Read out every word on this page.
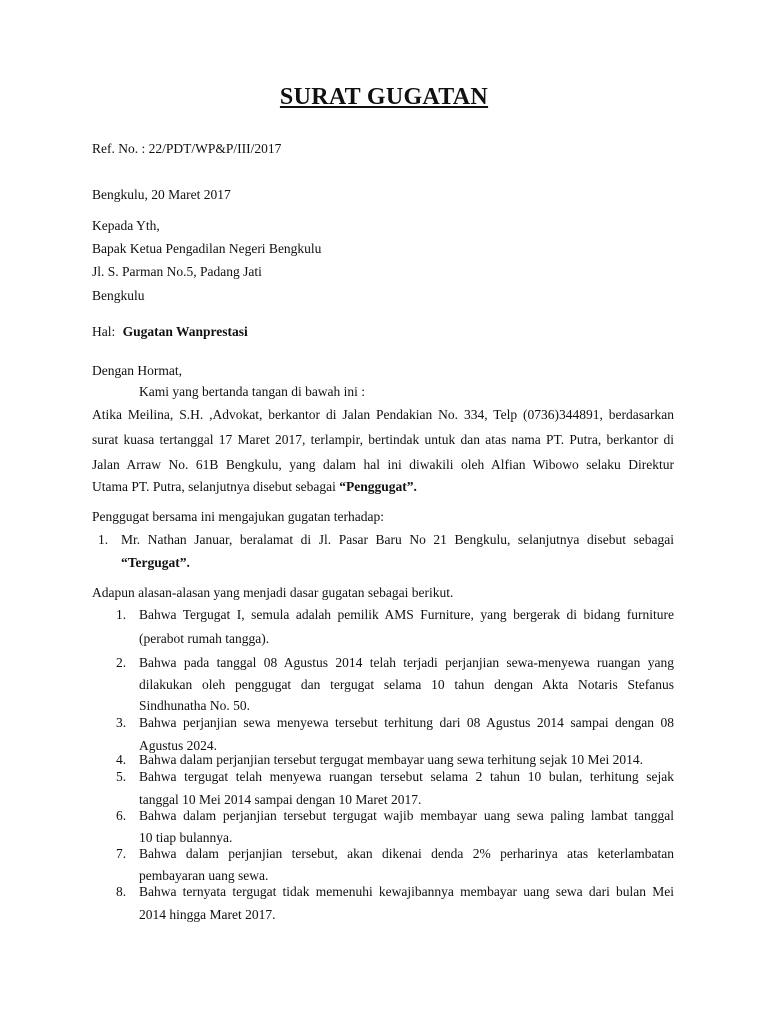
SURAT GUGATAN
Ref. No. : 22/PDT/WP&P/III/2017
Bengkulu, 20 Maret 2017
Kepada Yth,
Bapak Ketua Pengadilan Negeri Bengkulu
Jl. S. Parman No.5, Padang Jati
Bengkulu
Hal: Gugatan Wanprestasi
Dengan Hormat,
Kami yang bertanda tangan di bawah ini :
Atika Meilina, S.H. ,Advokat, berkantor di Jalan Pendakian No. 334, Telp (0736)344891, berdasarkan
surat kuasa tertanggal 17 Maret 2017, terlampir, bertindak untuk dan atas nama PT. Putra, berkantor di
Jalan Arraw No. 61B Bengkulu, yang dalam hal ini diwakili oleh Alfian Wibowo selaku Direktur
Utama PT. Putra, selanjutnya disebut sebagai “Penggugat”.
Penggugat bersama ini mengajukan gugatan terhadap:
1. Mr. Nathan Januar, beralamat di Jl. Pasar Baru No 21 Bengkulu, selanjutnya disebut sebagai
“Tergugat”.
Adapun alasan-alasan yang menjadi dasar gugatan sebagai berikut.
1. Bahwa Tergugat I, semula adalah pemilik AMS Furniture, yang bergerak di bidang furniture
(perabot rumah tangga).
2. Bahwa pada tanggal 08 Agustus 2014 telah terjadi perjanjian sewa-menyewa ruangan yang
dilakukan oleh penggugat dan tergugat selama 10 tahun dengan Akta Notaris Stefanus
Sindhunatha No. 50.
3. Bahwa perjanjian sewa menyewa tersebut terhitung dari 08 Agustus 2014 sampai dengan 08
Agustus 2024.
4. Bahwa dalam perjanjian tersebut tergugat membayar uang sewa terhitung sejak 10 Mei 2014.
5. Bahwa tergugat telah menyewa ruangan tersebut selama 2 tahun 10 bulan, terhitung sejak
tanggal 10 Mei 2014 sampai dengan 10 Maret 2017.
6. Bahwa dalam perjanjian tersebut tergugat wajib membayar uang sewa paling lambat tanggal
10 tiap bulannya.
7. Bahwa dalam perjanjian tersebut, akan dikenai denda 2% perharinya atas keterlambatan
pembayaran uang sewa.
8. Bahwa ternyata tergugat tidak memenuhi kewajibannya membayar uang sewa dari bulan Mei
2014 hingga Maret 2017.
